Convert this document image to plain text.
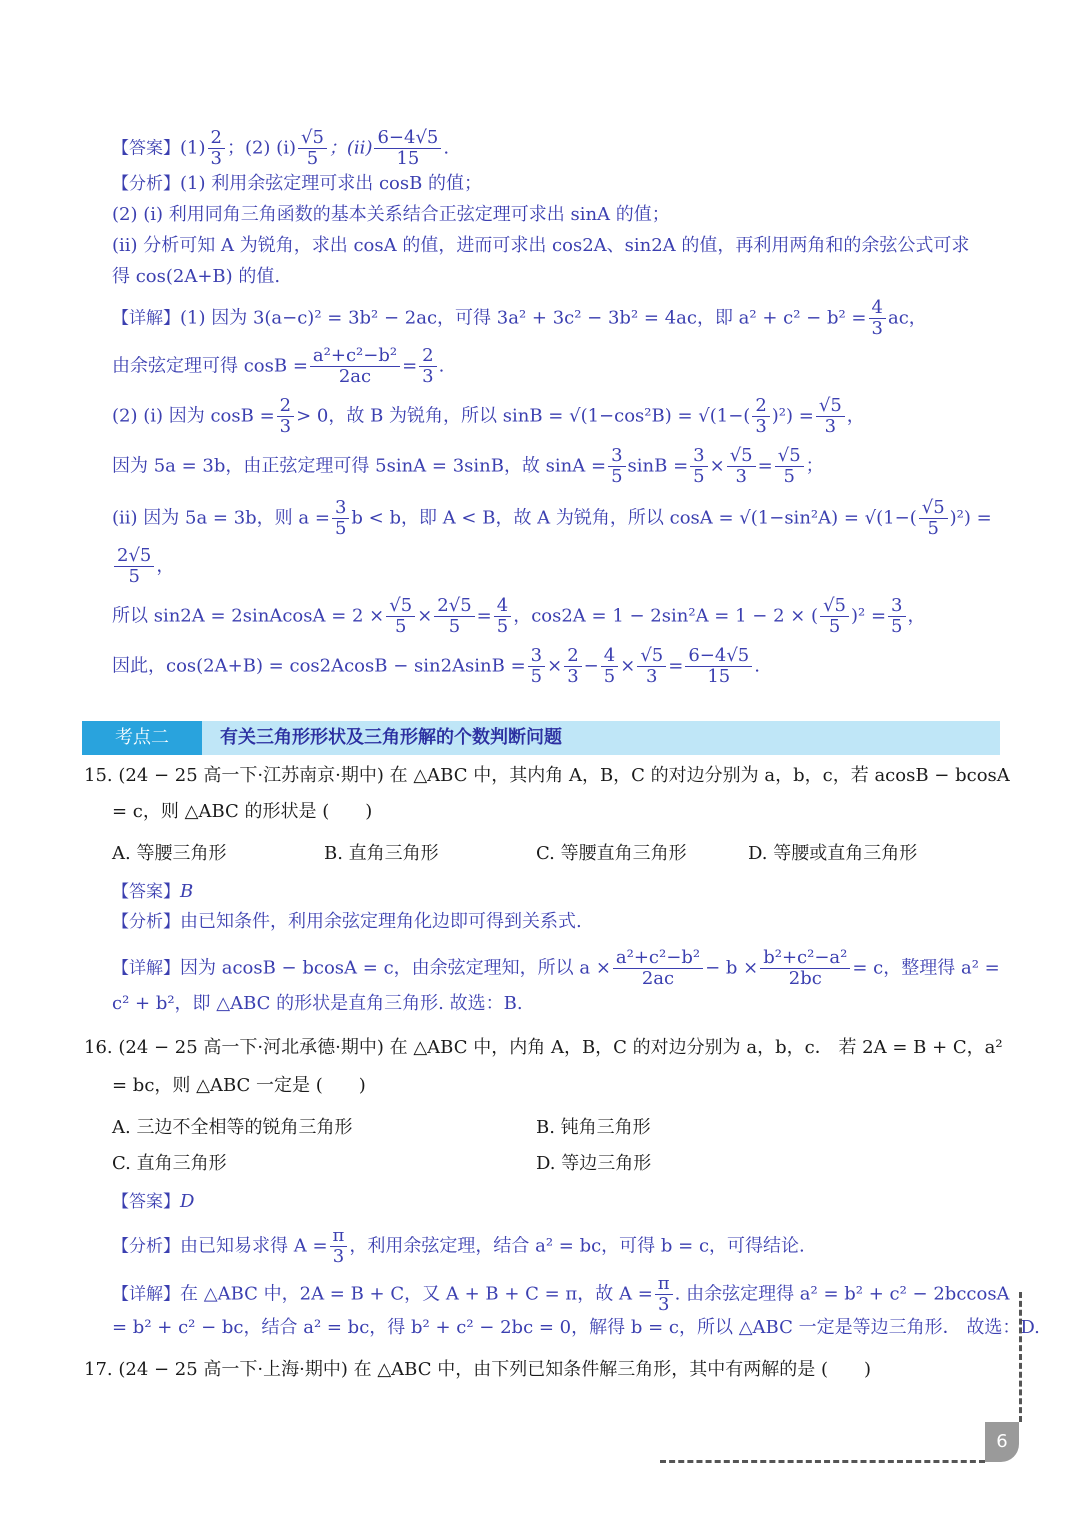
【答案】$(1) \frac{2}{3}$ ；(2) $(i) \frac{√5}{5}$ ；$(ii) \frac{6-4√5}{15}$ .
【分析】(1) 利用余弦定理可求出 cosB 的值；
(2) (i) 利用同角三角函数的基本关系结合正弦定理可求出 sinA 的值；
(ii) 分析可知 A 为锐角，求出 cosA 的值，进而可求出 cos2A、sin2A 的值，再利用两角和的余弦公式可求
得 cos(2A+B) 的值.
【详解】(1) 因为 3(a−c)² = 3b² − 2ac，可得 3a² + 3c² − 3b² = 4ac，即 $a^2 + c^2 - b^2 = \frac{4}{3}$ ac，
由余弦定理可得 $\cos B = \frac{\text{a²+c²−b²}}{2ac} = \frac{2}{3}$ .
(2) (i) 因为 $\cos B = \frac{2}{3} > 0$，故 B 为锐角，所以 $\sin B = √(1-\cos^2B) = √(1-( \frac{2}{3} )^2) = \frac{√5}{3}$ ，
因为 5a = 3b，由正弦定理可得 5sinA = 3sinB，故 $\sin A = \frac{3}{5}$ $\sin B = \frac{3}{5} \times \frac{√5}{3} = \frac{√5}{5}$ ；
(ii) 因为 5a = 3b，则 $a = \frac{3}{5}$ b < b，即 A < B，故 A 为锐角，所以 $\cos A = √(1-\sin^2A) = √(1-( \frac{√5}{5} )^2)$ =
$\frac{2√5}{5}$ ，
所以 sin2A = 2sinAcosA = $2 \times \frac{√5}{5} \times \frac{2√5}{5} = \frac{4}{5}$ ，cos2A = 1 − 2sin²A = 1 − 2 × ( $\frac{√5}{5} )^2 = \frac{3}{5}$ ，
因此，$\cos(2A+B) = \cos 2AcosB - \sin 2AsinB = \frac{3}{5} \times \frac{2}{3} - \frac{4}{5} \times \frac{√5}{3} = \frac{6-4√5}{15}$ .
考点二	有关三角形形状及三角形解的个数判断问题
15. (24 − 25 高一下·江苏南京·期中) 在 △ABC 中，其内角 A，B，C 的对边分别为 a，b，c，若 acosB − bcosA
= c，则 △ABC 的形状是 (　　)
A. 等腰三角形	B. 直角三角形	C. 等腰直角三角形	D. 等腰或直角三角形
【答案】B
【分析】由已知条件，利用余弦定理角化边即可得到关系式.
【详解】因为 acosB − bcosA = c，由余弦定理知，所以 $a \times \frac{\text{a²+c²−b²}}{2ac} - b \times \frac{\text{b²+c²−a²}}{2bc} = c$，整理得 a² =
c² + b²，即 △ABC 的形状是直角三角形. 故选：B.
16. (24 − 25 高一下·河北承德·期中) 在 △ABC 中，内角 A，B，C 的对边分别为 a，b，c． 若 2A = B + C，a²
= bc，则 △ABC 一定是 (　　)
A. 三边不全相等的锐角三角形	B. 钝角三角形
C. 直角三角形	D. 等边三角形
【答案】D
【分析】由已知易求得 $A = \frac{\pi}{3}$ ，利用余弦定理，结合 a² = bc，可得 b = c，可得结论.
【详解】在 △ABC 中，2A = B + C，又 A + B + C = π，故 $A = \frac{\pi}{3}$ . 由余弦定理得 a² = b² + c² − 2bccosA
= b² + c² − bc，结合 a² = bc，得 b² + c² − 2bc = 0，解得 b = c，所以 △ABC 一定是等边三角形． 故选：D.
17. (24 − 25 高一下·上海·期中) 在 △ABC 中，由下列已知条件解三角形，其中有两解的是 (　　)
6
